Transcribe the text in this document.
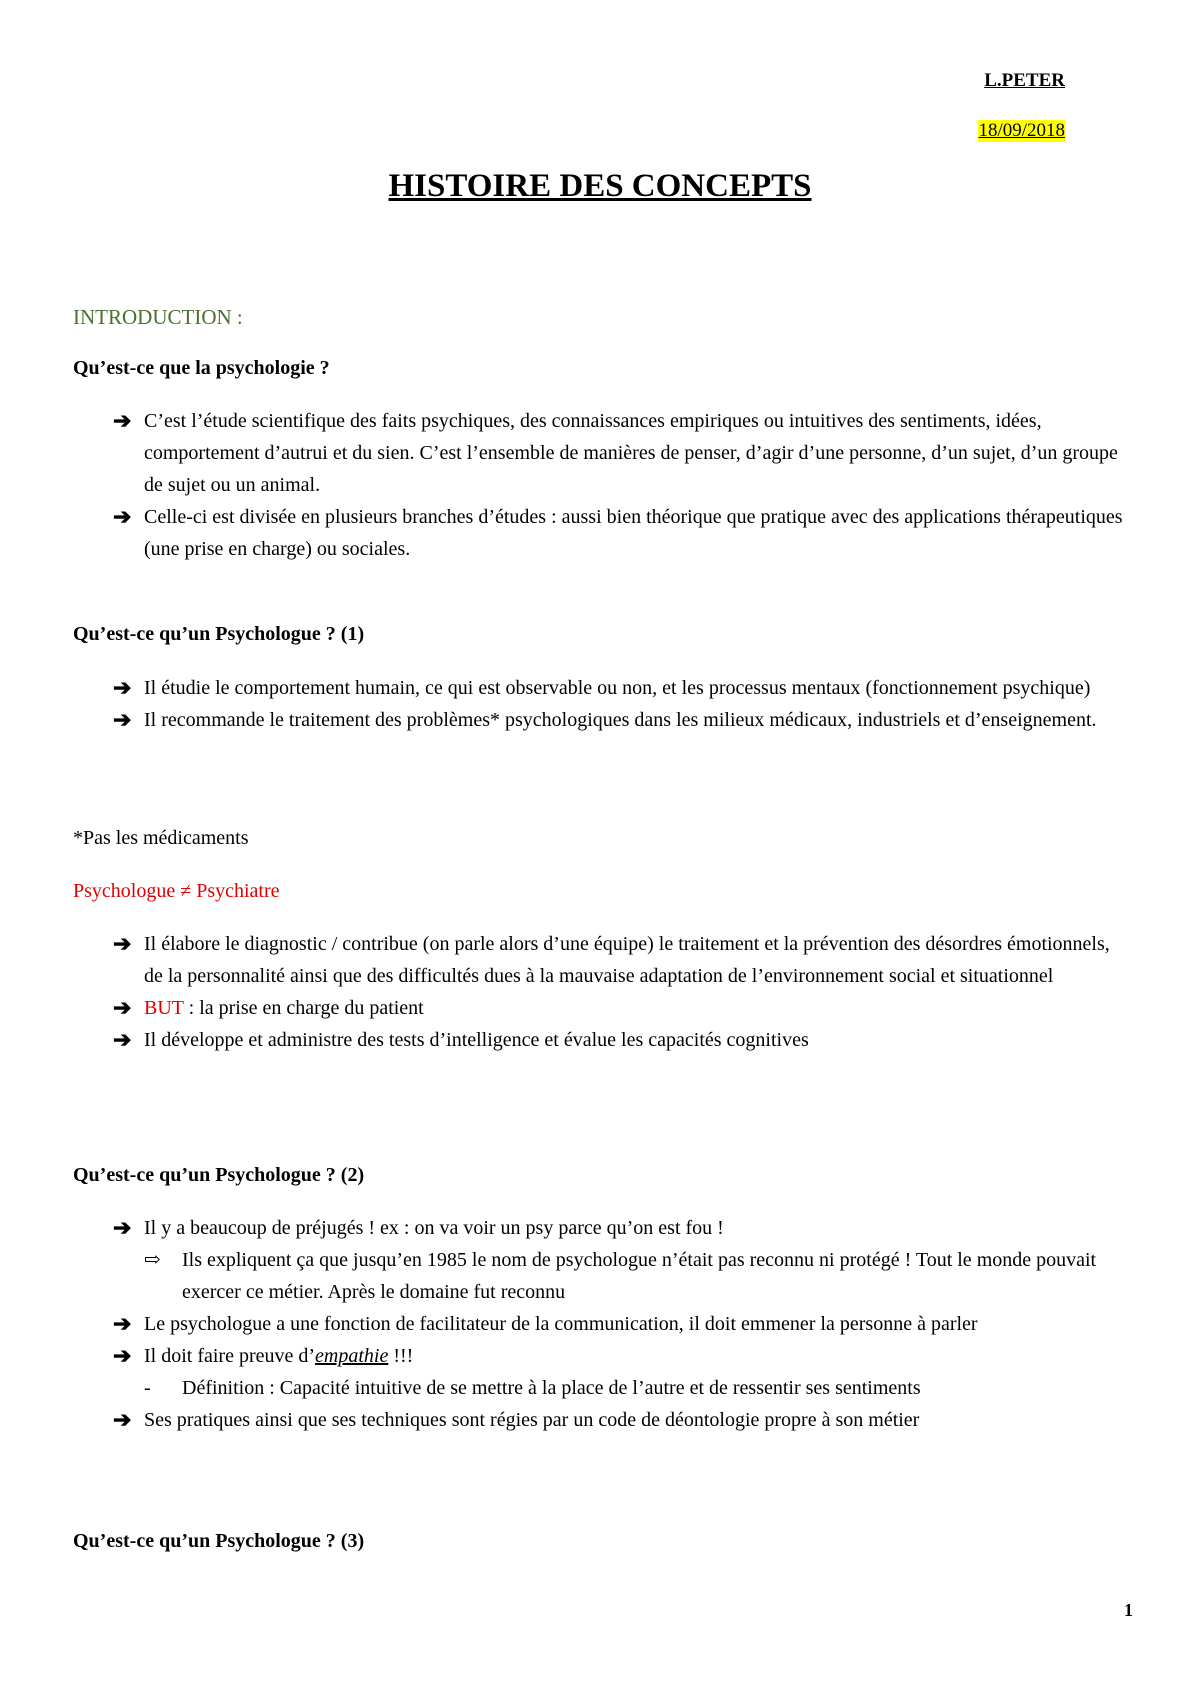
L.PETER
18/09/2018
HISTOIRE DES CONCEPTS
INTRODUCTION :
Qu’est-ce que la psychologie ?
➔ C’est l’étude scientifique des faits psychiques, des connaissances empiriques ou intuitives des sentiments, idées, comportement d’autrui et du sien. C’est l’ensemble de manières de penser, d’agir d’une personne, d’un sujet, d’un groupe de sujet ou un animal.
➔ Celle-ci est divisée en plusieurs branches d’études : aussi bien théorique que pratique avec des applications thérapeutiques (une prise en charge) ou sociales.
Qu’est-ce qu’un Psychologue ? (1)
➔ Il étudie le comportement humain, ce qui est observable ou non, et les processus mentaux (fonctionnement psychique)
➔ Il recommande le traitement des problèmes* psychologiques dans les milieux médicaux, industriels et d’enseignement.
*Pas les médicaments
Psychologue ≠ Psychiatre
➔ Il élabore le diagnostic / contribue (on parle alors d’une équipe) le traitement et la prévention des désordres émotionnels, de la personnalité ainsi que des difficultés dues à la mauvaise adaptation de l’environnement social et situationnel
➔ BUT : la prise en charge du patient
➔ Il développe et administre des tests d’intelligence et évalue les capacités cognitives
Qu’est-ce qu’un Psychologue ? (2)
➔ Il y a beaucoup de préjugés ! ex : on va voir un psy parce qu’on est fou !
⇨ Ils expliquent ça que jusqu’en 1985 le nom de psychologue n’était pas reconnu ni protégé ! Tout le monde pouvait exercer ce métier. Après le domaine fut reconnu
➔ Le psychologue a une fonction de facilitateur de la communication, il doit emmener la personne à parler
➔ Il doit faire preuve d’empathie !!!
- Définition : Capacité intuitive de se mettre à la place de l’autre et de ressentir ses sentiments
➔ Ses pratiques ainsi que ses techniques sont régies par un code de déontologie propre à son métier
Qu’est-ce qu’un Psychologue ? (3)
1
